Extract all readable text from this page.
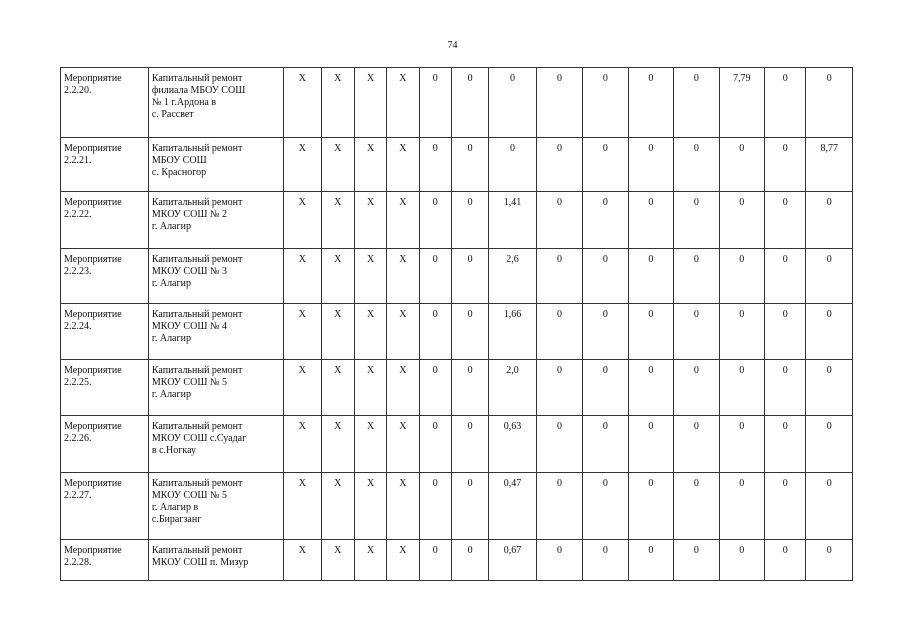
74
Мероприятие
2.2.20.	Капитальный ремонт
филиала МБОУ СОШ
№ 1 г.Ардона в
с. Рассвет	Х	Х	Х	Х	0	0	0	0	0	0	0	7,79	0	0
Мероприятие
2.2.21.	Капитальный ремонт
МБОУ СОШ
с. Красногор	Х	Х	Х	Х	0	0	0	0	0	0	0	0	0	8,77
Мероприятие
2.2.22.	Капитальный ремонт
МКОУ СОШ № 2
г. Алагир	Х	Х	Х	Х	0	0	1,41	0	0	0	0	0	0	0
Мероприятие
2.2.23.	Капитальный ремонт
МКОУ СОШ № 3
г. Алагир	Х	Х	Х	Х	0	0	2,6	0	0	0	0	0	0	0
Мероприятие
2.2.24.	Капитальный ремонт
МКОУ СОШ № 4
г. Алагир	Х	Х	Х	Х	0	0	1,66	0	0	0	0	0	0	0
Мероприятие
2.2.25.	Капитальный ремонт
МКОУ СОШ № 5
г. Алагир	Х	Х	Х	Х	0	0	2,0	0	0	0	0	0	0	0
Мероприятие
2.2.26.	Капитальный ремонт
МКОУ СОШ с.Суадаг
в с.Ногкау	Х	Х	Х	Х	0	0	0,63	0	0	0	0	0	0	0
Мероприятие
2.2.27.	Капитальный ремонт
МКОУ СОШ № 5
г. Алагир в
с.Бирагзанг	Х	Х	Х	Х	0	0	0,47	0	0	0	0	0	0	0
Мероприятие
2.2.28.	Капитальный ремонт
МКОУ СОШ п. Мизур	Х	Х	Х	Х	0	0	0,67	0	0	0	0	0	0	0
